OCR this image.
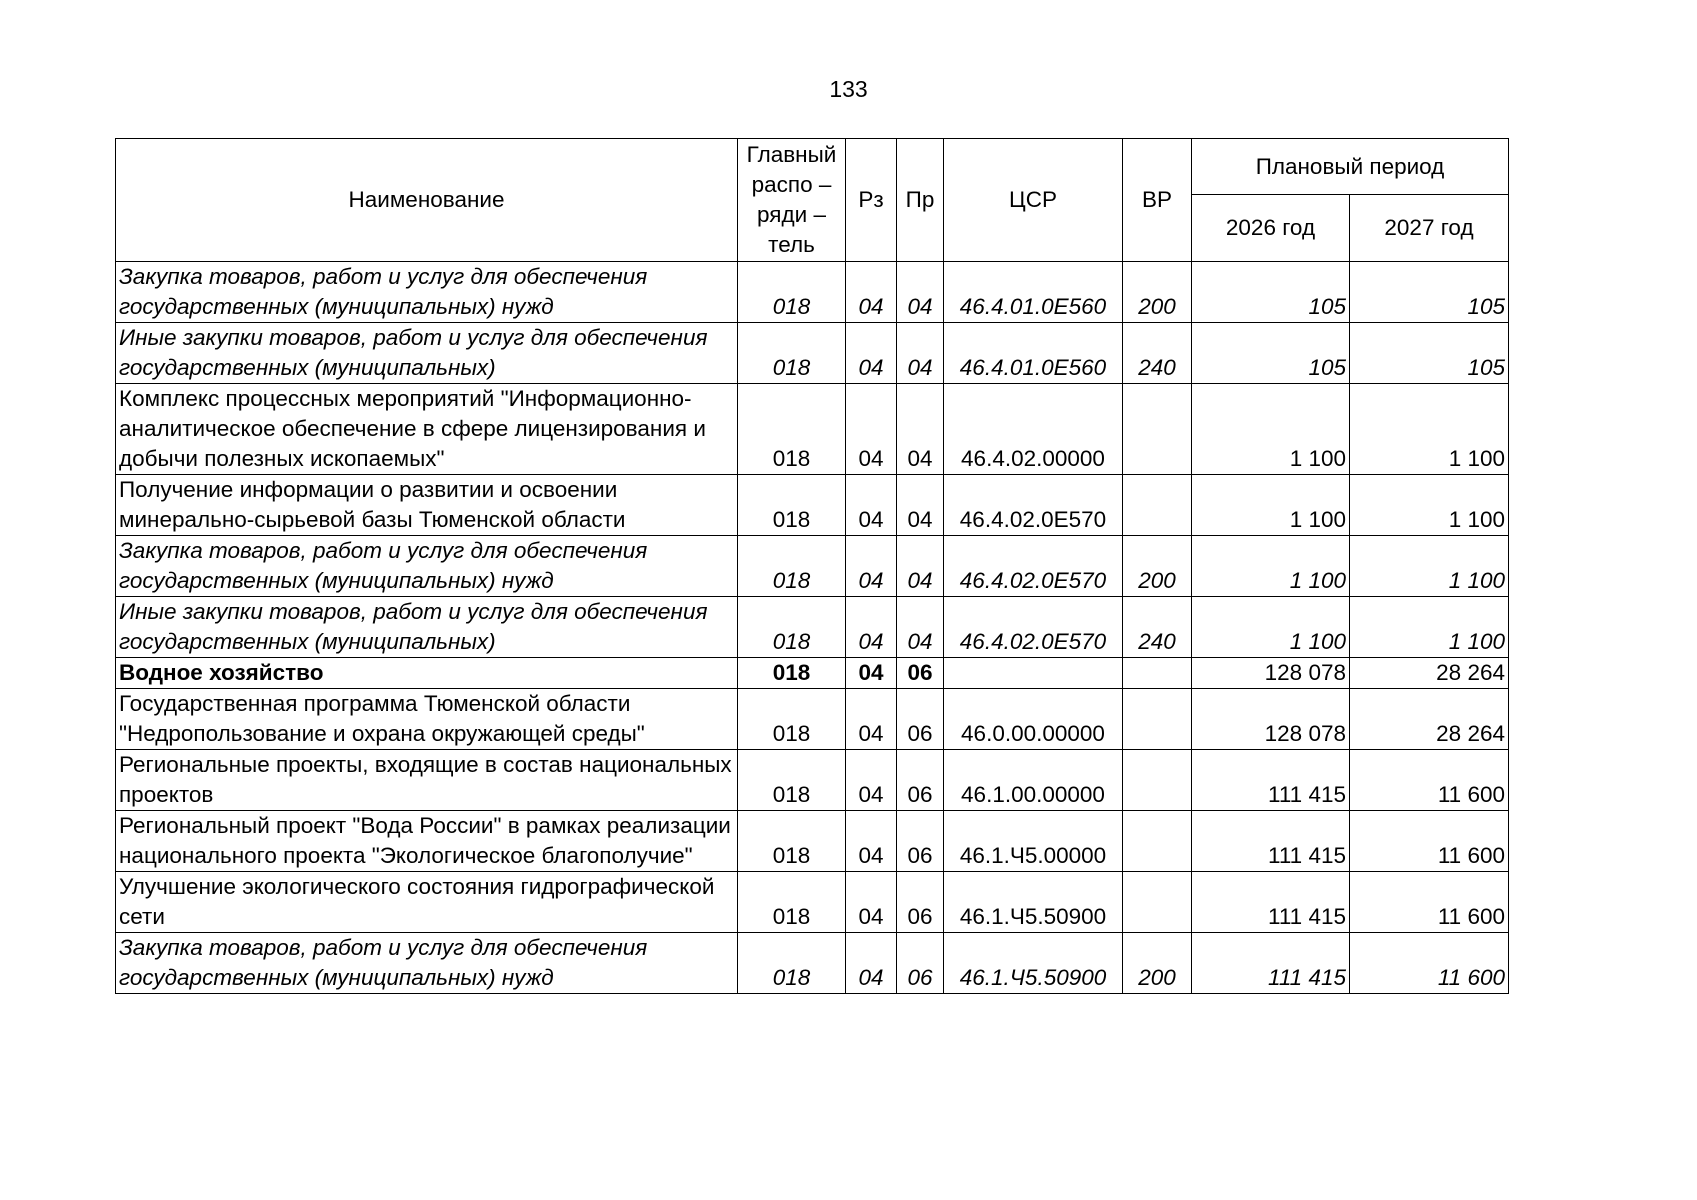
133
Наименование	Главный распо – ряди – тель	Рз	Пр	ЦСР	ВР	Плановый период	
						2026 год	2027 год
Закупка товаров, работ и услуг для обеспечения государственных (муниципальных) нужд	018	04	04	46.4.01.0Е560	200	105	105
Иные закупки товаров, работ и услуг для обеспечения государственных (муниципальных)	018	04	04	46.4.01.0Е560	240	105	105
Комплекс процессных мероприятий "Информационно-аналитическое обеспечение в сфере лицензирования и добычи полезных ископаемых"	018	04	04	46.4.02.00000		1 100	1 100
Получение информации о развитии и освоении минерально-сырьевой базы Тюменской области	018	04	04	46.4.02.0Е570		1 100	1 100
Закупка товаров, работ и услуг для обеспечения государственных (муниципальных) нужд	018	04	04	46.4.02.0Е570	200	1 100	1 100
Иные закупки товаров, работ и услуг для обеспечения государственных (муниципальных)	018	04	04	46.4.02.0Е570	240	1 100	1 100
Водное хозяйство	018	04	06			128 078	28 264
Государственная программа Тюменской области "Недропользование и охрана окружающей среды"	018	04	06	46.0.00.00000		128 078	28 264
Региональные проекты, входящие в состав национальных проектов	018	04	06	46.1.00.00000		111 415	11 600
Региональный проект "Вода России" в рамках реализации национального проекта "Экологическое благополучие"	018	04	06	46.1.Ч5.00000		111 415	11 600
Улучшение экологического состояния гидрографической сети	018	04	06	46.1.Ч5.50900		111 415	11 600
Закупка товаров, работ и услуг для обеспечения государственных (муниципальных) нужд	018	04	06	46.1.Ч5.50900	200	111 415	11 600
